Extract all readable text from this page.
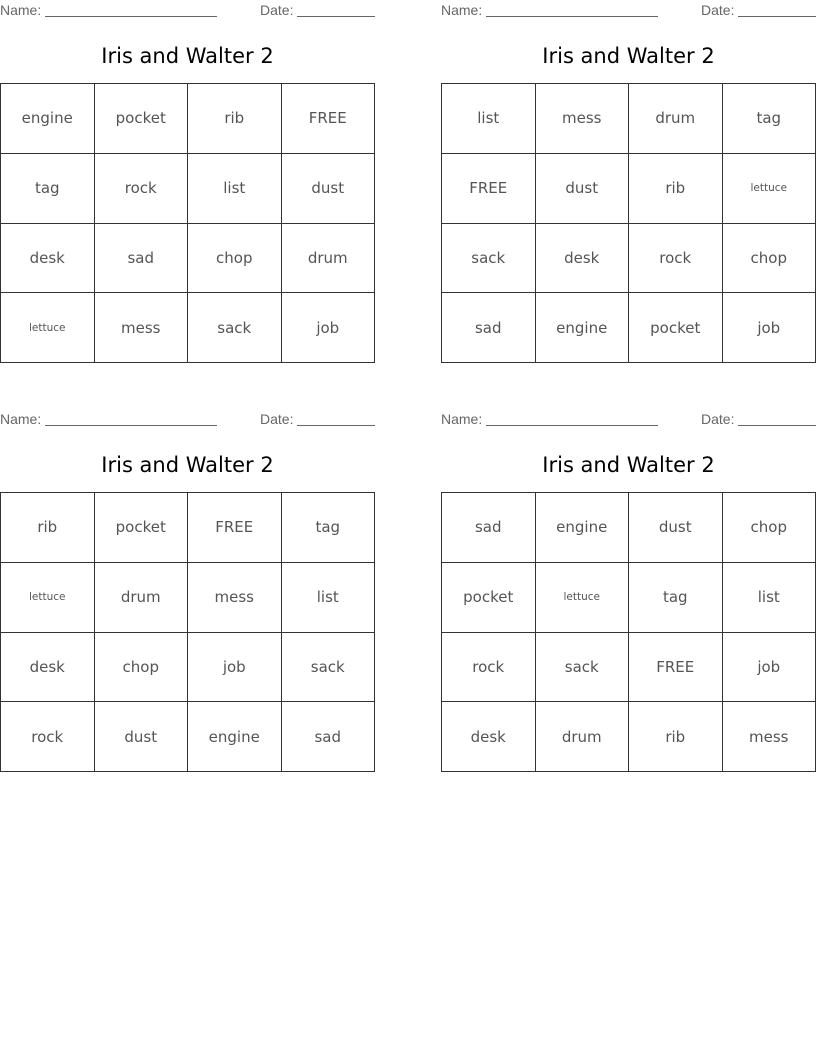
Name:	Date:
Iris and Walter 2
engine	pocket	rib	FREE
tag	rock	list	dust
desk	sad	chop	drum
lettuce	mess	sack	job
Name:	Date:
Iris and Walter 2
list	mess	drum	tag
FREE	dust	rib	lettuce
sack	desk	rock	chop
sad	engine	pocket	job
Name:	Date:
Iris and Walter 2
rib	pocket	FREE	tag
lettuce	drum	mess	list
desk	chop	job	sack
rock	dust	engine	sad
Name:	Date:
Iris and Walter 2
sad	engine	dust	chop
pocket	lettuce	tag	list
rock	sack	FREE	job
desk	drum	rib	mess
